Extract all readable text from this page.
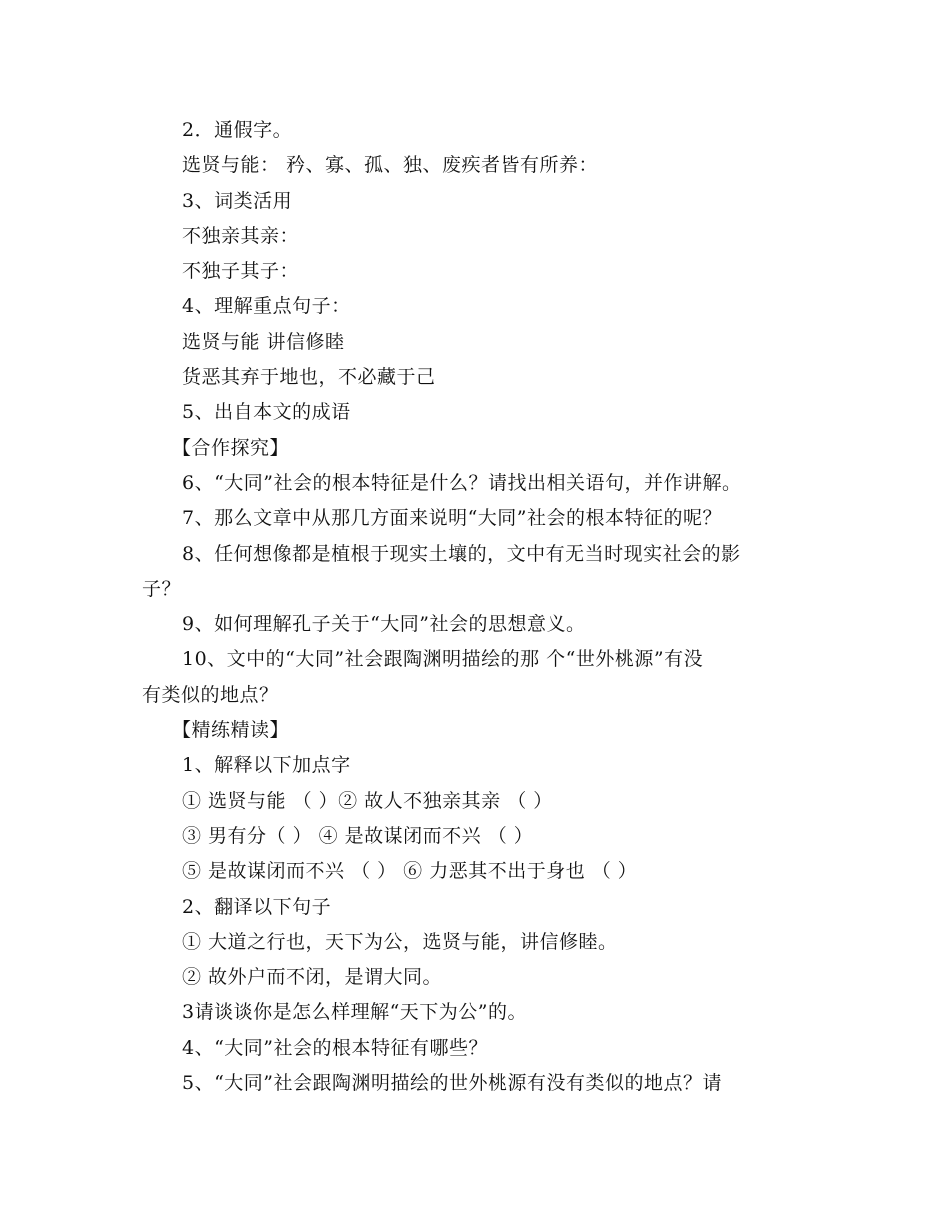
2．通假字。
选贤与能： 矜、寡、孤、独、废疾者皆有所养：
3、词类活用
不独亲其亲：
不独子其子：
4、理解重点句子：
选贤与能 讲信修睦
货恶其弃于地也，不必藏于己
5、出自本文的成语
【合作探究】
6、“大同”社会的根本特征是什么？请找出相关语句，并作讲解。
7、那么文章中从那几方面来说明“大同”社会的根本特征的呢？
8、任何想像都是植根于现实土壤的，文中有无当时现实社会的影
子？
9、如何理解孔子关于“大同”社会的思想意义。
10、文中的“大同”社会跟陶渊明描绘的那 个“世外桃源”有没
有类似的地点？
【精练精读】
1、解释以下加点字
① 选贤与能 （ ）② 故人不独亲其亲 （ ）
③ 男有分（ ） ④ 是故谋闭而不兴 （ ）
⑤ 是故谋闭而不兴 （ ） ⑥ 力恶其不出于身也 （ ）
2、翻译以下句子
① 大道之行也，天下为公，选贤与能，讲信修睦。
② 故外户而不闭，是谓大同。
3请谈谈你是怎么样理解“天下为公”的。
4、“大同”社会的根本特征有哪些？
5、“大同”社会跟陶渊明描绘的世外桃源有没有类似的地点？请
